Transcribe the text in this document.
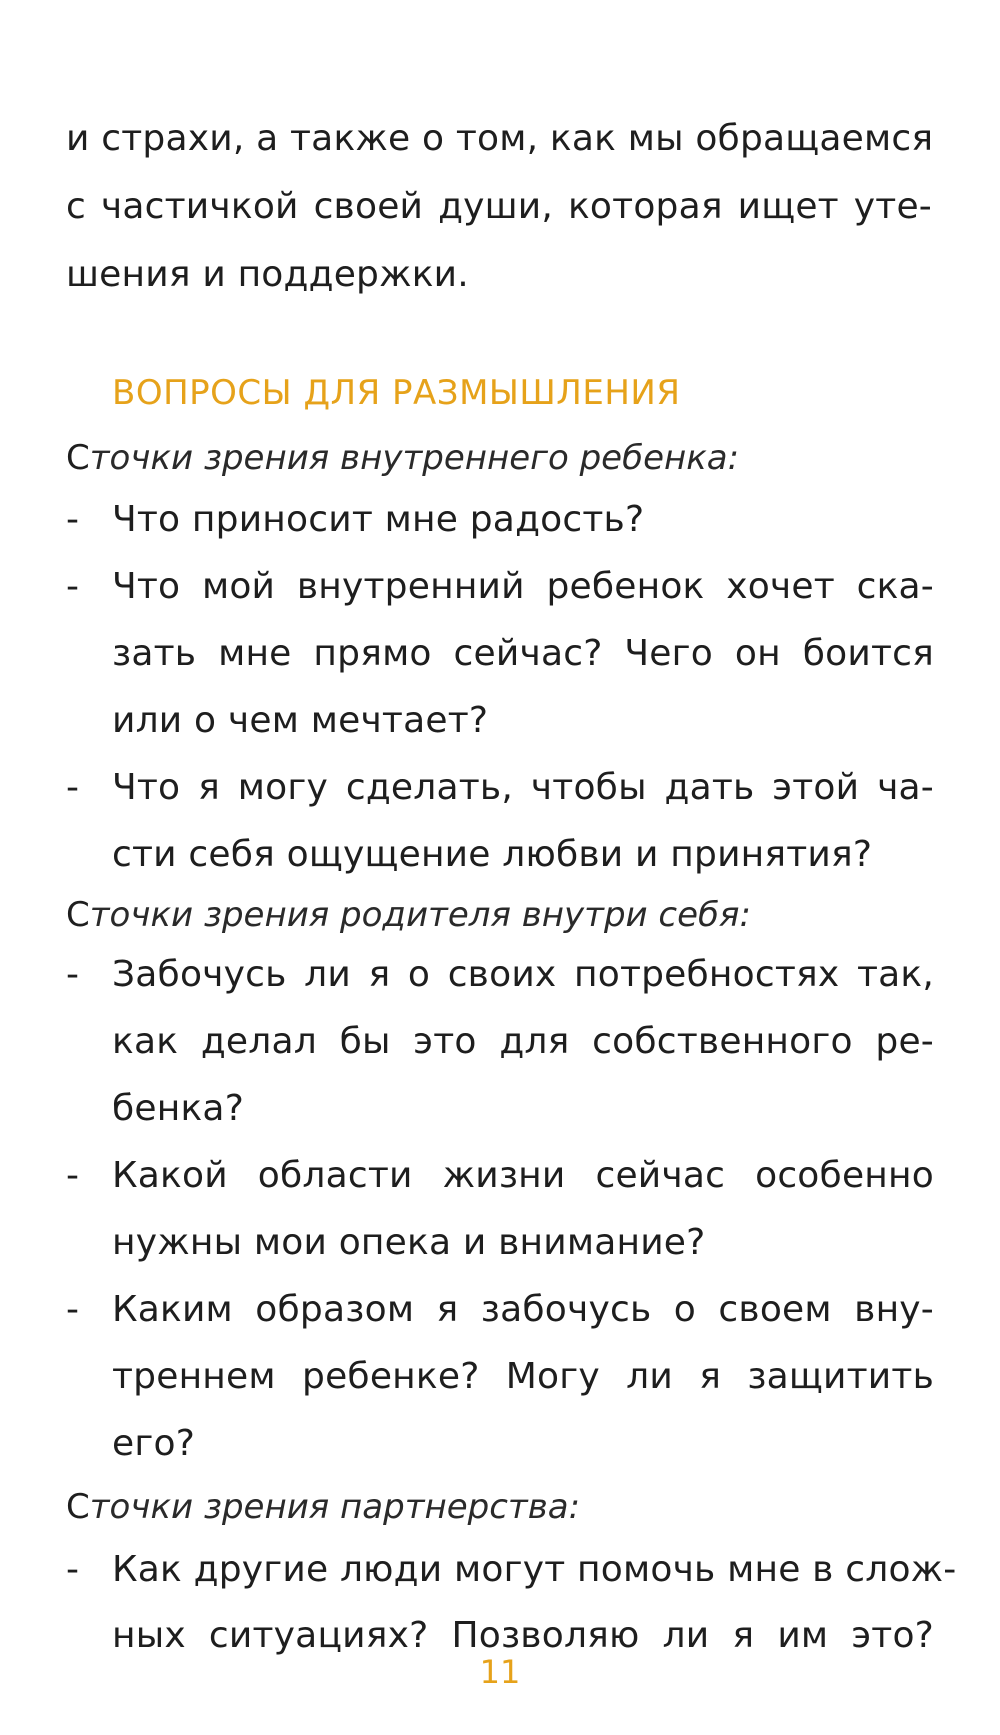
и страхи, а также о том, как мы обращаемся
с частичкой своей души, которая ищет уте-
шения и поддержки.
ВОПРОСЫ ДЛЯ РАЗМЫШЛЕНИЯ
Сточки зрения внутреннего ребенка:
- Что приносит мне радость?
- Что мой внутренний ребенок хочет ска-
зать мне прямо сейчас? Чего он боится
или о чем мечтает?
- Что я могу сделать, чтобы дать этой ча-
сти себя ощущение любви и принятия?
Сточки зрения родителя внутри себя:
- Забочусь ли я о своих потребностях так,
как делал бы это для собственного ре-
бенка?
- Какой области жизни сейчас особенно
нужны мои опека и внимание?
- Каким образом я забочусь о своем вну-
треннем ребенке? Могу ли я защитить
его?
Сточки зрения партнерства:
- Как другие люди могут помочь мне в слож-
ных ситуациях? Позволяю ли я им это?
11
